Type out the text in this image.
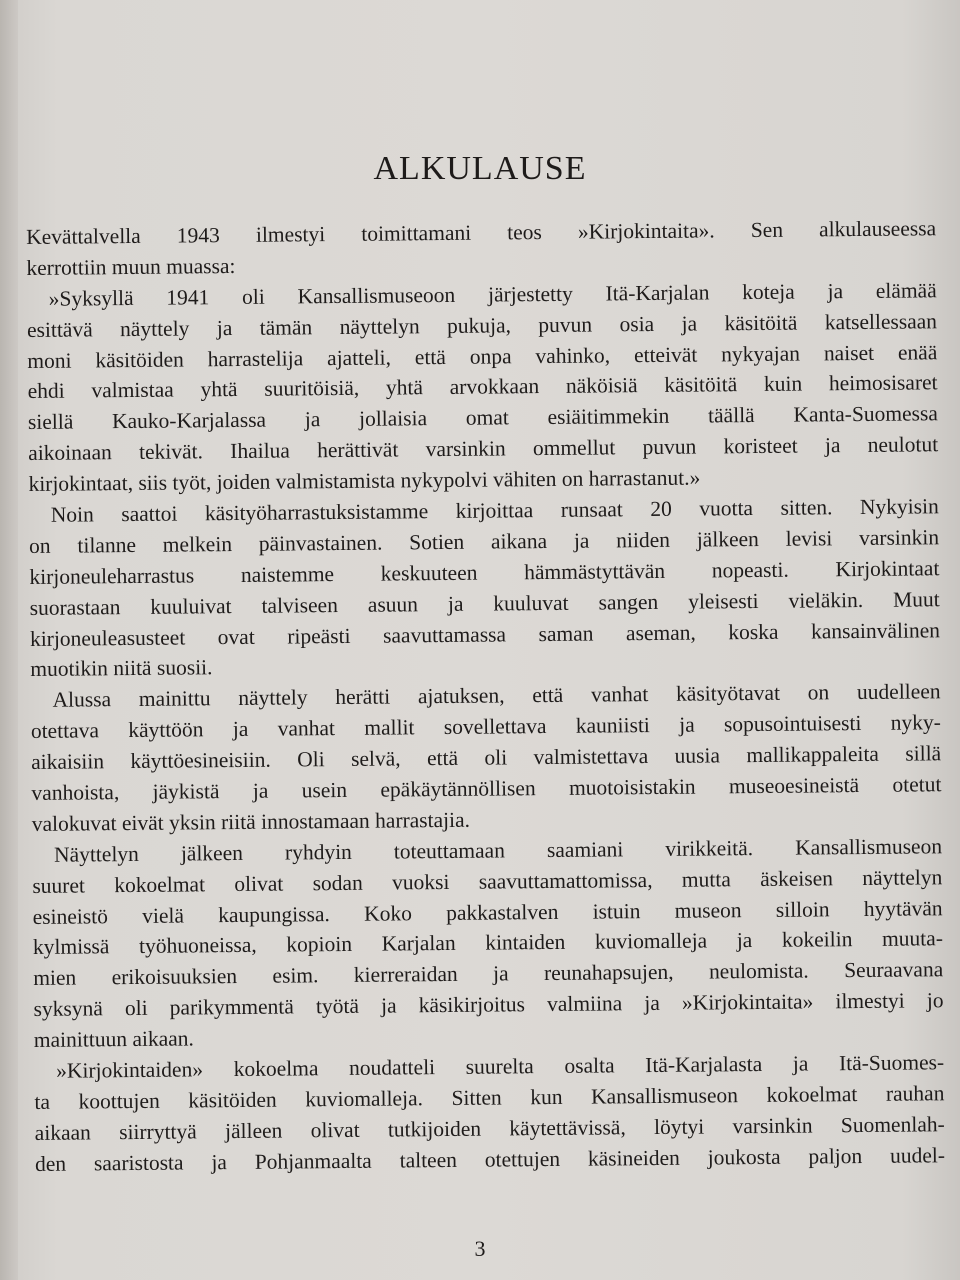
ALKULAUSE
Kevättalvella 1943 ilmestyi toimittamani teos »Kirjokintaita». Sen alkulauseessa
kerrottiin muun muassa:
»Syksyllä 1941 oli Kansallismuseoon järjestetty Itä-Karjalan koteja ja elämää
esittävä näyttely ja tämän näyttelyn pukuja, puvun osia ja käsitöitä katsellessaan
moni käsitöiden harrastelija ajatteli, että onpa vahinko, etteivät nykyajan naiset enää
ehdi valmistaa yhtä suuritöisiä, yhtä arvokkaan näköisiä käsitöitä kuin heimosisaret
siellä Kauko-Karjalassa ja jollaisia omat esiäitimmekin täällä Kanta-Suomessa
aikoinaan tekivät. Ihailua herättivät varsinkin ommellut puvun koristeet ja neulotut
kirjokintaat, siis työt, joiden valmistamista nykypolvi vähiten on harrastanut.»
Noin saattoi käsityöharrastuksistamme kirjoittaa runsaat 20 vuotta sitten. Nykyisin
on tilanne melkein päinvastainen. Sotien aikana ja niiden jälkeen levisi varsinkin
kirjoneuleharrastus naistemme keskuuteen hämmästyttävän nopeasti. Kirjokintaat
suorastaan kuuluivat talviseen asuun ja kuuluvat sangen yleisesti vieläkin. Muut
kirjoneuleasusteet ovat ripeästi saavuttamassa saman aseman, koska kansainvälinen
muotikin niitä suosii.
Alussa mainittu näyttely herätti ajatuksen, että vanhat käsityötavat on uudelleen
otettava käyttöön ja vanhat mallit sovellettava kauniisti ja sopusointuisesti nyky-
aikaisiin käyttöesineisiin. Oli selvä, että oli valmistettava uusia mallikappaleita sillä
vanhoista, jäykistä ja usein epäkäytännöllisen muotoisistakin museoesineistä otetut
valokuvat eivät yksin riitä innostamaan harrastajia.
Näyttelyn jälkeen ryhdyin toteuttamaan saamiani virikkeitä. Kansallismuseon
suuret kokoelmat olivat sodan vuoksi saavuttamattomissa, mutta äskeisen näyttelyn
esineistö vielä kaupungissa. Koko pakkastalven istuin museon silloin hyytävän
kylmissä työhuoneissa, kopioin Karjalan kintaiden kuviomalleja ja kokeilin muuta-
mien erikoisuuksien esim. kierreraidan ja reunahapsujen, neulomista. Seuraavana
syksynä oli parikymmentä työtä ja käsikirjoitus valmiina ja »Kirjokintaita» ilmestyi jo
mainittuun aikaan.
»Kirjokintaiden» kokoelma noudatteli suurelta osalta Itä-Karjalasta ja Itä-Suomes-
ta koottujen käsitöiden kuviomalleja. Sitten kun Kansallismuseon kokoelmat rauhan
aikaan siirryttyä jälleen olivat tutkijoiden käytettävissä, löytyi varsinkin Suomenlah-
den saaristosta ja Pohjanmaalta talteen otettujen käsineiden joukosta paljon uudel-
3
